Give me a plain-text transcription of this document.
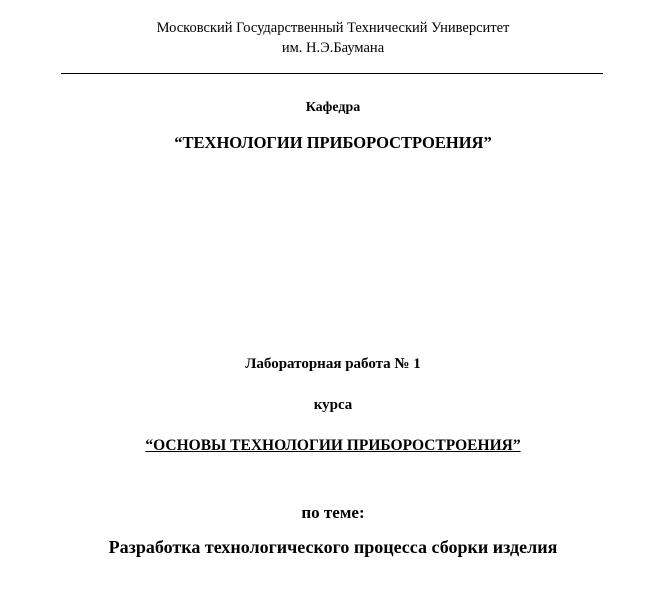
Московский Государственный Технический Университет
им. Н.Э.Баумана
Кафедра
“ТЕХНОЛОГИИ ПРИБОРОСТРОЕНИЯ”
Лабораторная работа № 1
курса
“ОСНОВЫ ТЕХНОЛОГИИ ПРИБОРОСТРОЕНИЯ”
по теме:
Разработка технологического процесса сборки изделия
